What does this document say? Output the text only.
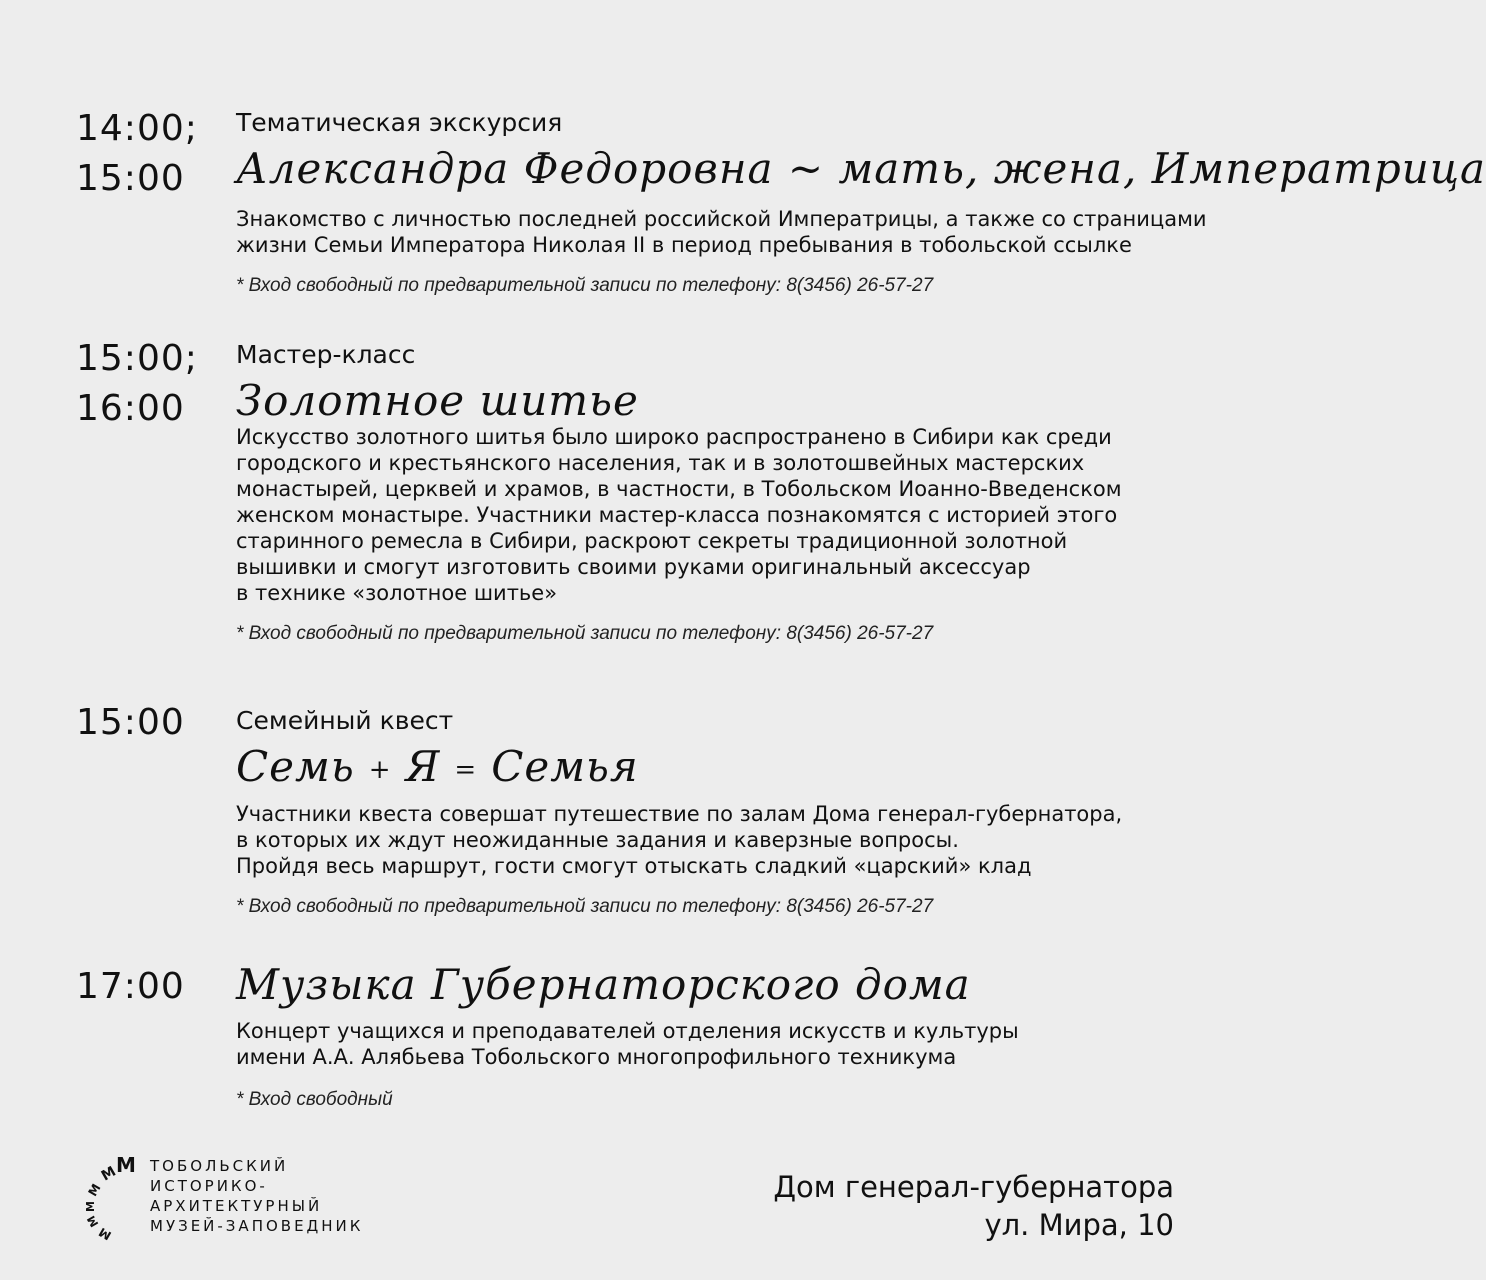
14:00;
15:00

Тематическая экскурсия

Александра Федоровна ~ мать, жена, Императрица

Знакомство с личностью последней российской Императрицы, а также со страницами
жизни Семьи Императора Николая II в период пребывания в тобольской ссылке

* Вход свободный по предварительной записи по телефону: 8(3456) 26-57-27
15:00;
16:00

Мастер-класс

Золотное шитье

Искусство золотного шитья было широко распространено в Сибири как среди
городского и крестьянского населения, так и в золотошвейных мастерских
монастырей, церквей и храмов, в частности, в Тобольском Иоанно-Введенском
женском монастыре. Участники мастер-класса познакомятся с историей этого
старинного ремесла в Сибири, раскроют секреты традиционной золотной
вышивки и смогут изготовить своими руками оригинальный аксессуар
в технике «золотное шитье»

* Вход свободный по предварительной записи по телефону: 8(3456) 26-57-27
15:00 Семейный квест

Семь + Я = Семья

Участники квеста совершат путешествие по залам Дома генерал-губернатора,
в которых их ждут неожиданные задания и каверзные вопросы.
Пройдя весь маршрут, гости смогут отыскать сладкий «царский» клад

* Вход свободный по предварительной записи по телефону: 8(3456) 26-57-27
17:00 Музыка Губернаторского дома

Концерт учащихся и преподавателей отделения искусств и культуры
имени А.А. Алябьева Тобольского многопрофильного техникума

* Вход свободный
M
M
M
M
M
M
ТОБОЛЬСКИЙ
ИСТОРИКО-
АРХИТЕКТУРНЫЙ
МУЗЕЙ-ЗАПОВЕДНИК
Дом генерал-губернатора
ул. Мира, 10
